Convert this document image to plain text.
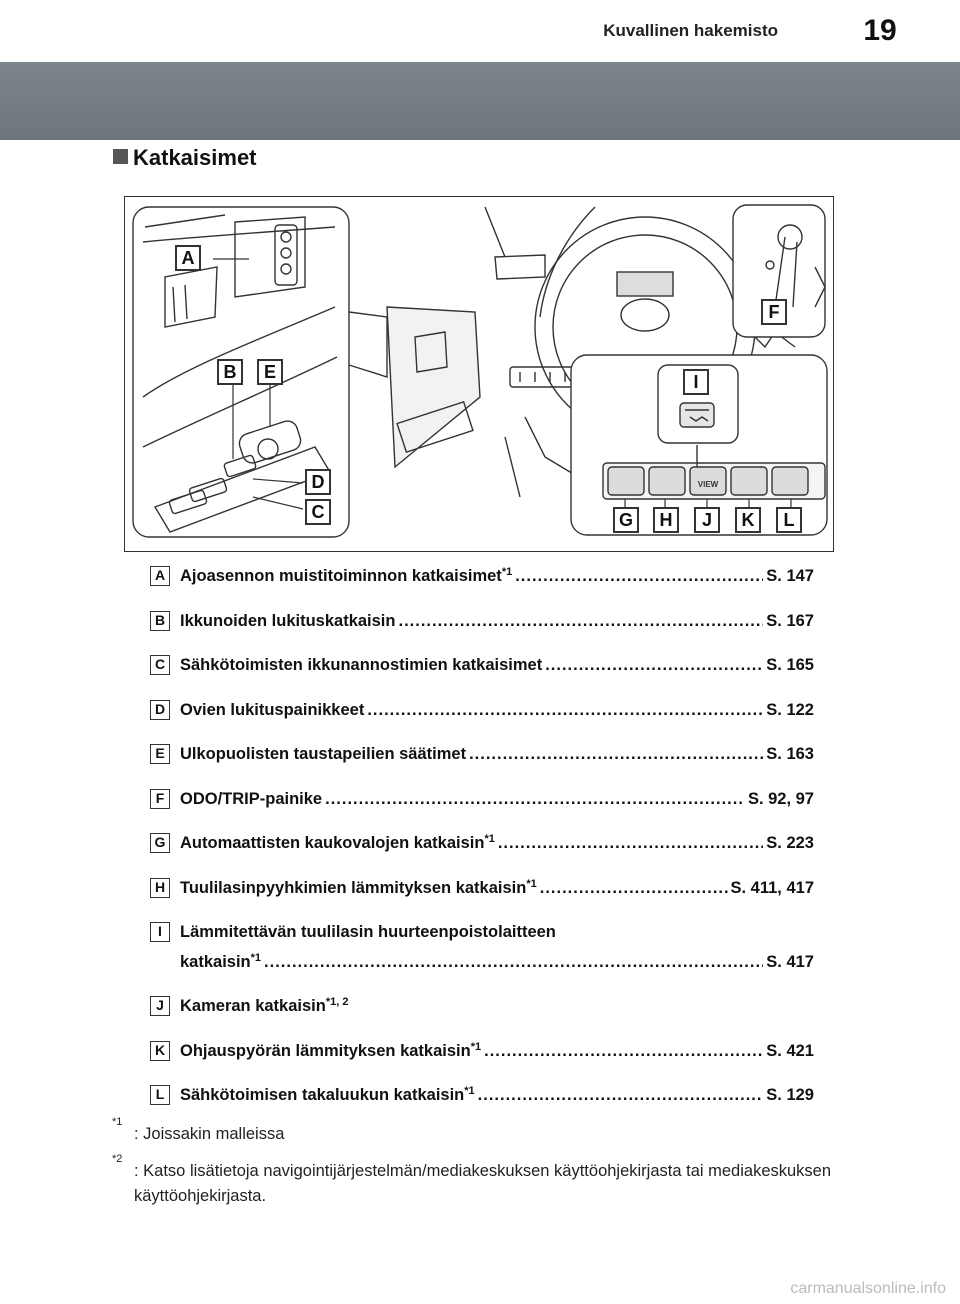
Kuvallinen hakemisto	19
Katkaisimet
VIEW
A
B	E
D
C
F
I
G	H	J	K	L
A Ajoasennon muistitoiminnon katkaisimet$^{*1}$ .....	S. 147
B Ikkunoiden lukituskatkaisin .....	S. 167
C Sähkötoimisten ikkunannostimien katkaisimet .....	S. 165
D Ovien lukituspainikkeet .....	S. 122
E Ulkopuolisten taustapeilien säätimet .....	S. 163
F ODO/TRIP-painike .....	S. 92, 97
G Automaattisten kaukovalojen katkaisin$^{*1}$ .....	S. 223
H Tuulilasinpyyhkimien lämmityksen katkaisin$^{*1}$ .....	S. 411, 417
I	Lämmitettävän tuulilasin huurteenpoistolaitteen
katkaisin$^{*1}$ .....	S. 417
J Kameran katkaisin$^{*1, 2}$
K Ohjauspyörän lämmityksen katkaisin$^{*1}$ .....	S. 421
L Sähkötoimisen takaluukun katkaisin$^{*1}$ .....	S. 129
*1
: Joissakin malleissa
*2
: Katso lisätietoja navigointijärjestelmän/mediakeskuksen käyttöohjekirjasta tai mediakeskuksen käyttöohjekirjasta.
carmanualsonline.info
